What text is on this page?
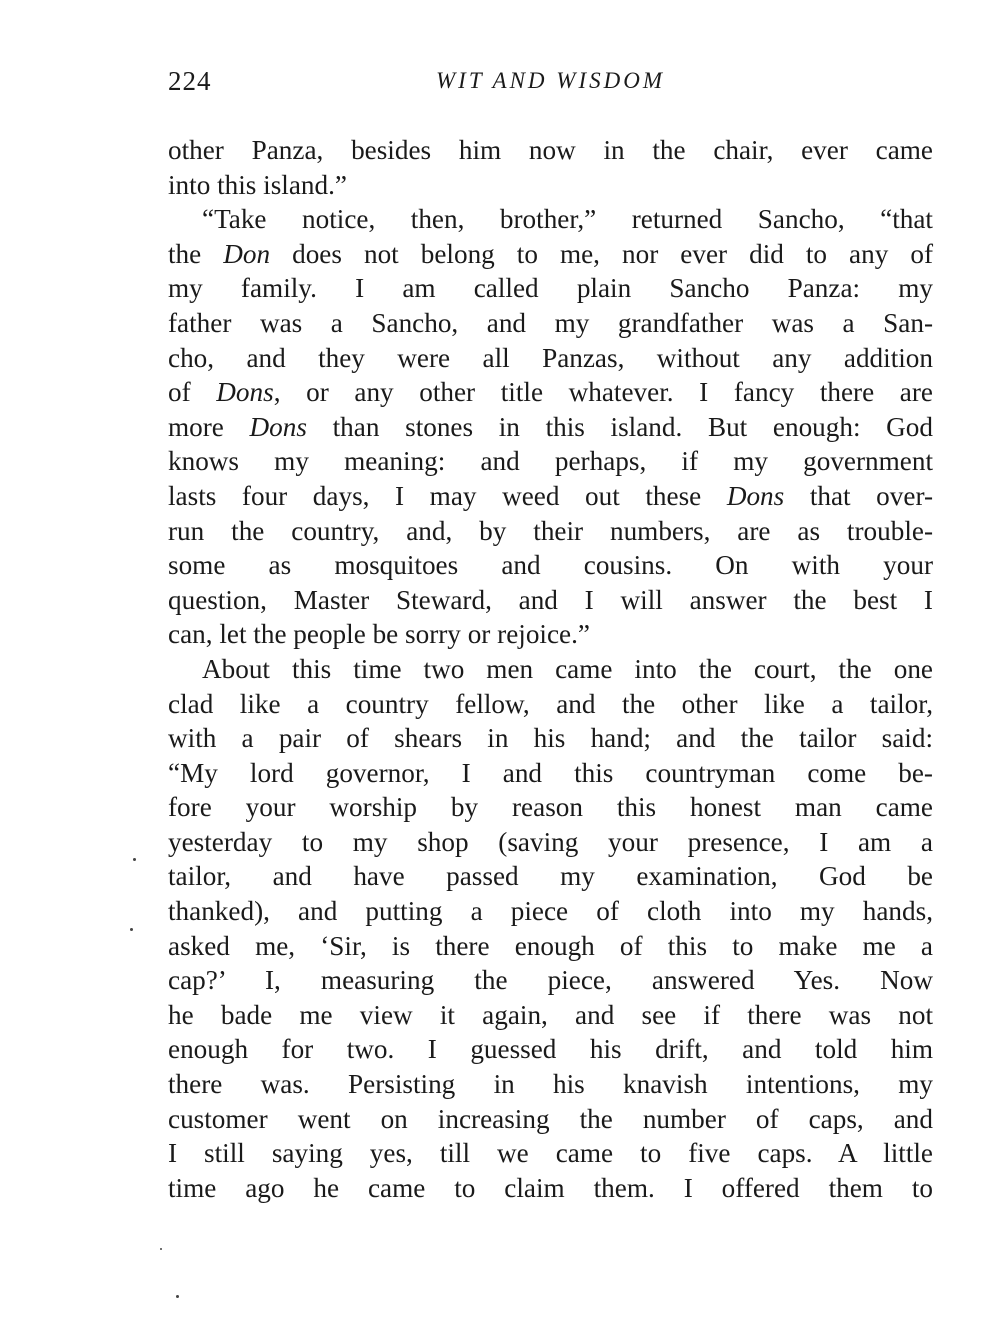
224	WIT AND WISDOM
other Panza, besides him now in the chair, ever came
into this island.”
“Take notice, then, brother,” returned Sancho, “that
the Don does not belong to me, nor ever did to any of
my family. I am called plain Sancho Panza: my
father was a Sancho, and my grandfather was a San-
cho, and they were all Panzas, without any addition
of Dons, or any other title whatever. I fancy there are
more Dons than stones in this island. But enough: God
knows my meaning: and perhaps, if my government
lasts four days, I may weed out these Dons that over-
run the country, and, by their numbers, are as trouble-
some as mosquitoes and cousins. On with your
question, Master Steward, and I will answer the best I
can, let the people be sorry or rejoice.”
About this time two men came into the court, the one
clad like a country fellow, and the other like a tailor,
with a pair of shears in his hand; and the tailor said:
“My lord governor, I and this countryman come be-
fore your worship by reason this honest man came
yesterday to my shop (saving your presence, I am a
tailor, and have passed my examination, God be
thanked), and putting a piece of cloth into my hands,
asked me, ‘Sir, is there enough of this to make me a
cap?’ I, measuring the piece, answered Yes. Now
he bade me view it again, and see if there was not
enough for two. I guessed his drift, and told him
there was. Persisting in his knavish intentions, my
customer went on increasing the number of caps, and
I still saying yes, till we came to five caps. A little
time ago he came to claim them. I offered them to
